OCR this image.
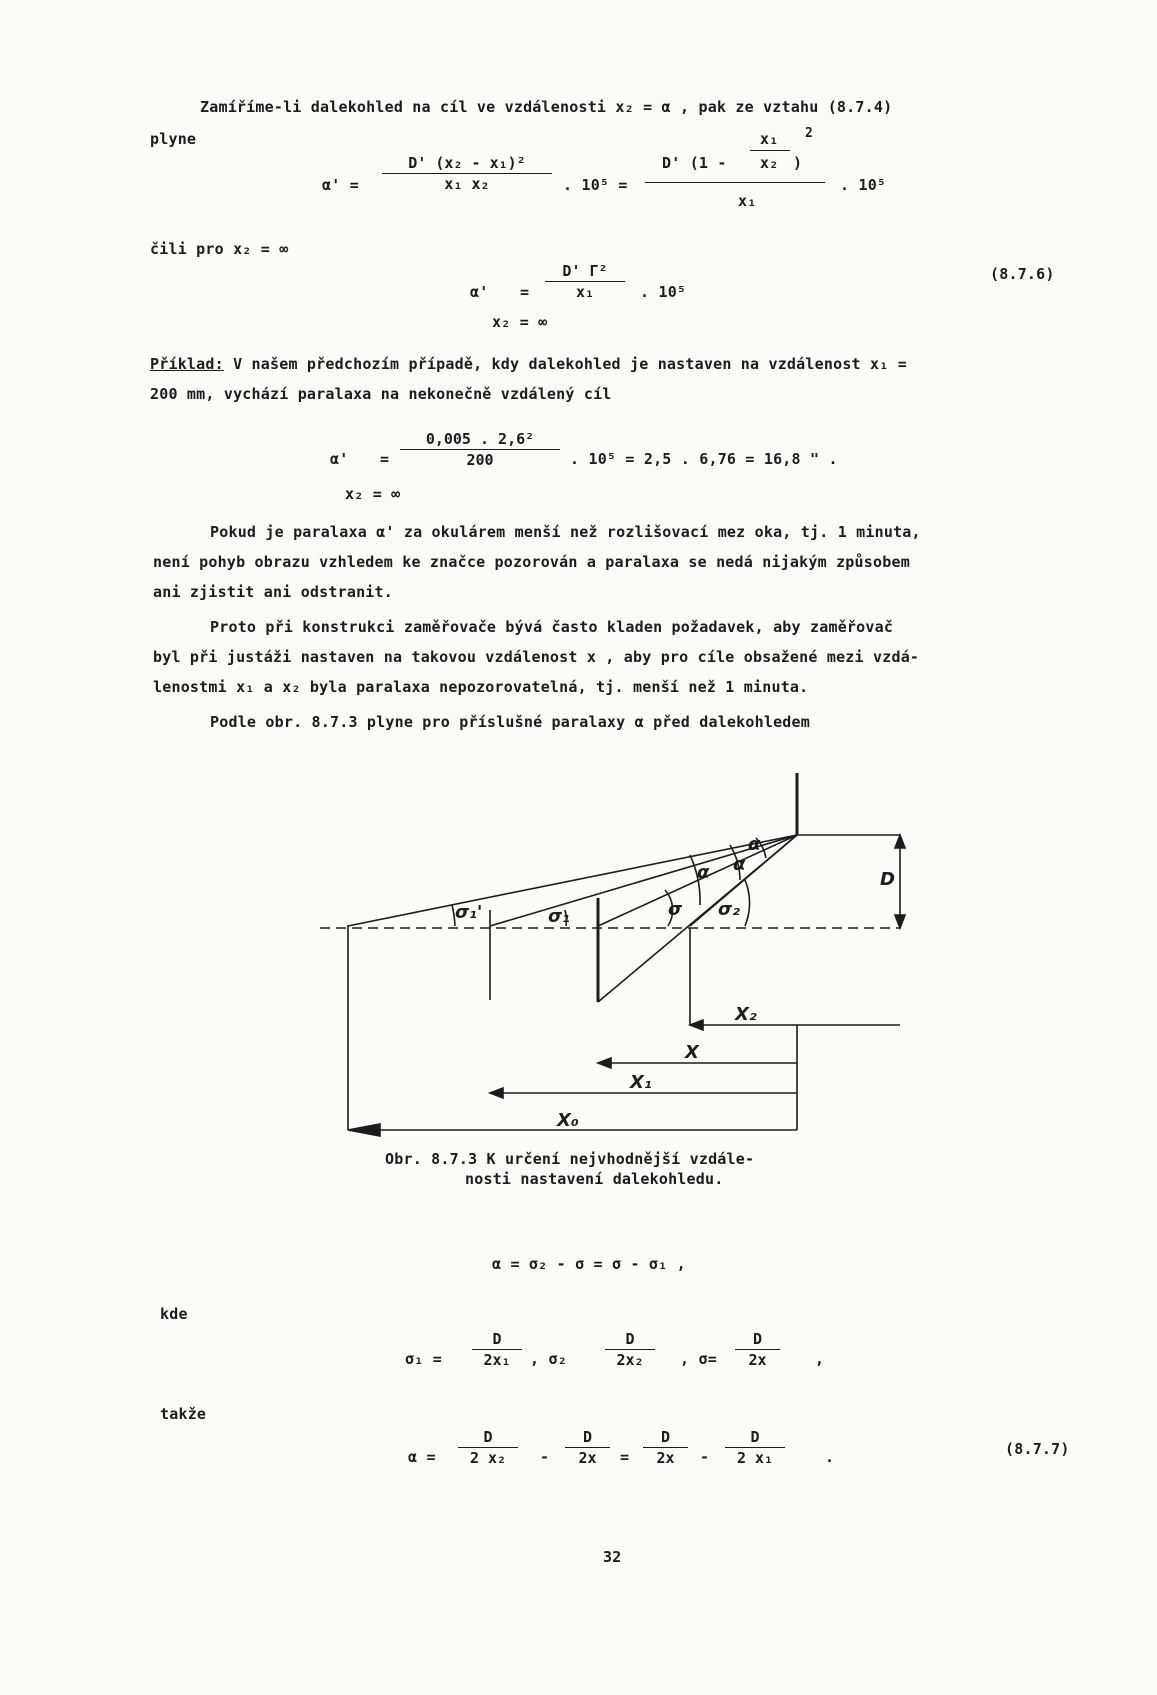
Zamíříme-li dalekohled na cíl ve vzdálenosti x₂ = α , pak ze vztahu (8.7.4)
plyne
α' =
D' (x₂ - x₁)²
x₁ x₂	. 10⁵ =
x₁ 2
D' (1 - x₂ )
x₁
. 10⁵
čili pro x₂ = ∞
α' =
D' Γ²
x₁	. 10⁵
x₂ = ∞
(8.7.6)
Příklad: V našem předchozím případě, kdy dalekohled je nastaven na vzdálenost x₁ =
200 mm, vychází paralaxa na nekonečně vzdálený cíl
α' =
0,005 . 2,6²
200	. 10⁵ = 2,5 . 6,76 = 16,8 " .
x₂ = ∞
Pokud je paralaxa α' za okulárem menší než rozlišovací mez oka, tj. 1 minuta,
není pohyb obrazu vzhledem ke značce pozorován a paralaxa se nedá nijakým způsobem
ani zjistit ani odstranit.
Proto při konstrukci zaměřovače bývá často kladen požadavek, aby zaměřovač
byl při justáži nastaven na takovou vzdálenost x , aby pro cíle obsažené mezi vzdá-
lenostmi x₁ a x₂ byla paralaxa nepozorovatelná, tj. menší než 1 minuta.
Podle obr. 8.7.3 plyne pro příslušné paralaxy α před dalekohledem
σ₁'	σ₁	σ σ₂
α α
α
D
X₂
X
X₁
X₀
Obr. 8.7.3 K určení nejvhodnější vzdále-
nosti nastavení dalekohledu.
α = σ₂ - σ = σ - σ₁ ,
kde
σ₁ =
D
2x₁	, σ₂
D
2x₂	, σ=
D
2x	,
takže
α =
D
2 x₂	-
D
2x	=
D
2x	-
D
2 x₁	.	(8.7.7)
32
